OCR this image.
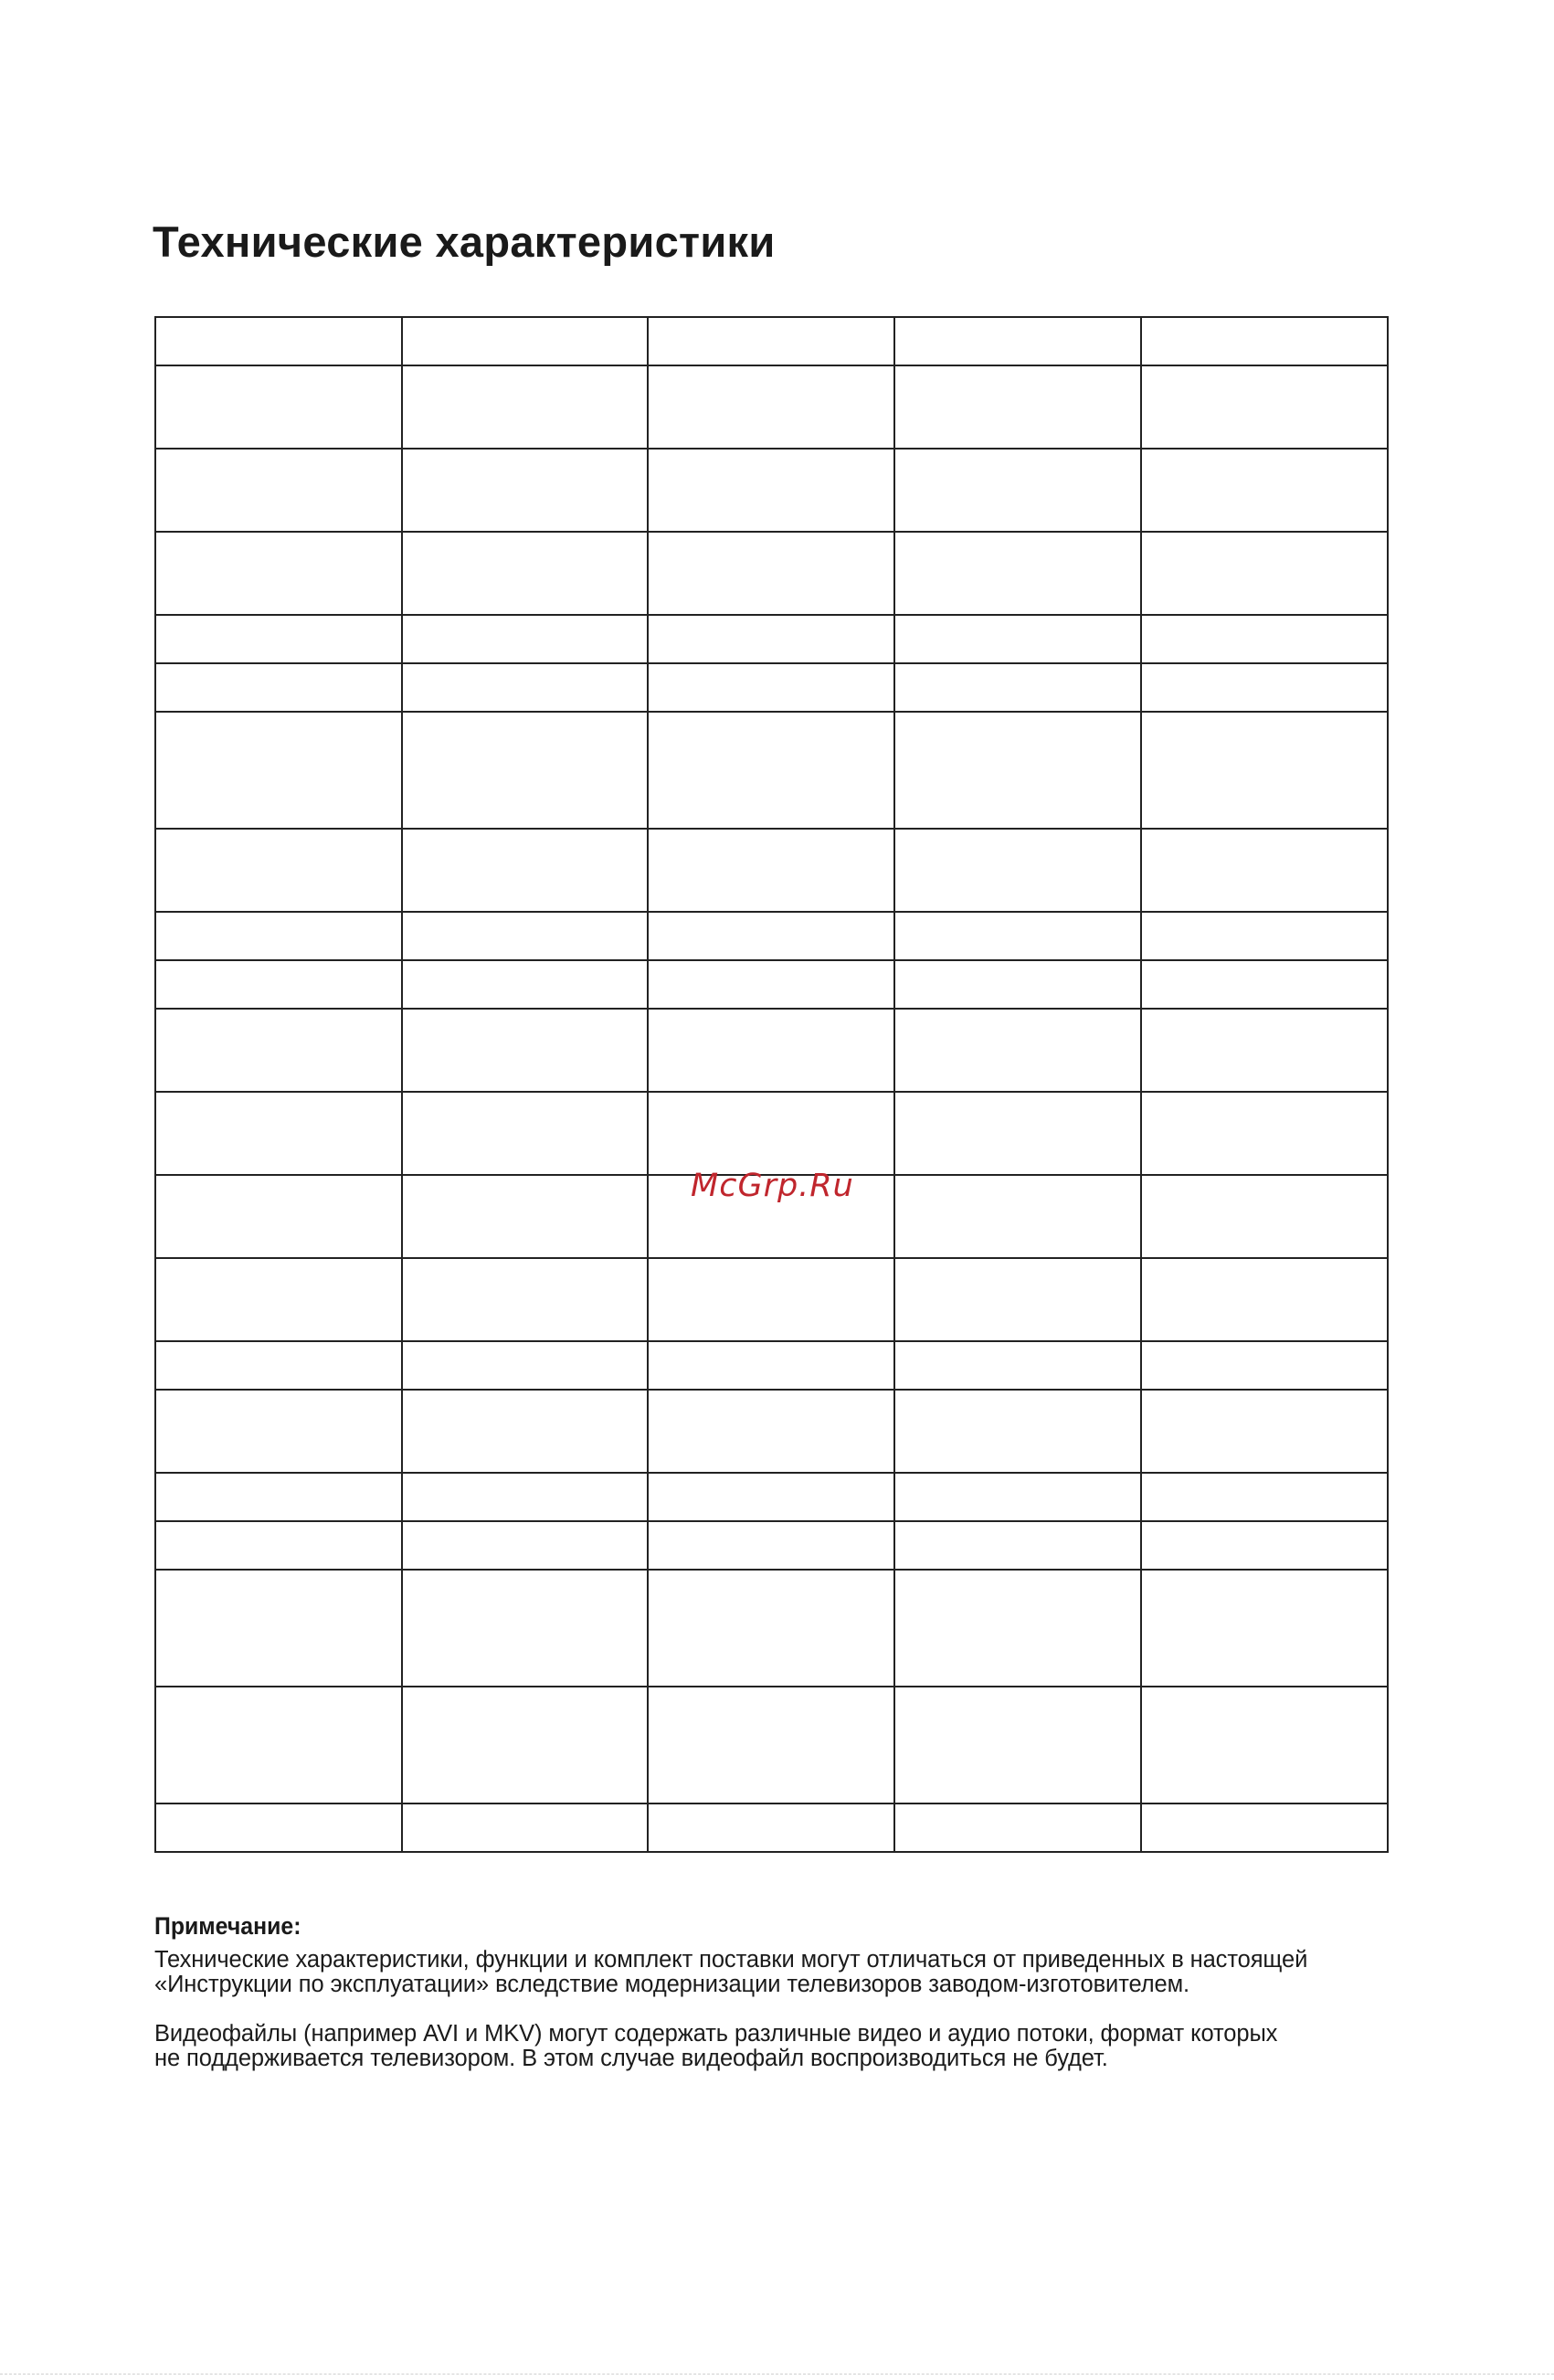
Технические характеристики

McGrp.Ru
Примечание:

Технические характеристики, функции и комплект поставки могут отличаться от приведенных в настоящей
«Инструкции по эксплуатации» вследствие модернизации телевизоров заводом-изготовителем.

Видеофайлы (например AVI и MKV) могут содержать различные видео и аудио потоки, формат которых
не поддерживается телевизором. В этом случае видеофайл воспроизводиться не будет.
